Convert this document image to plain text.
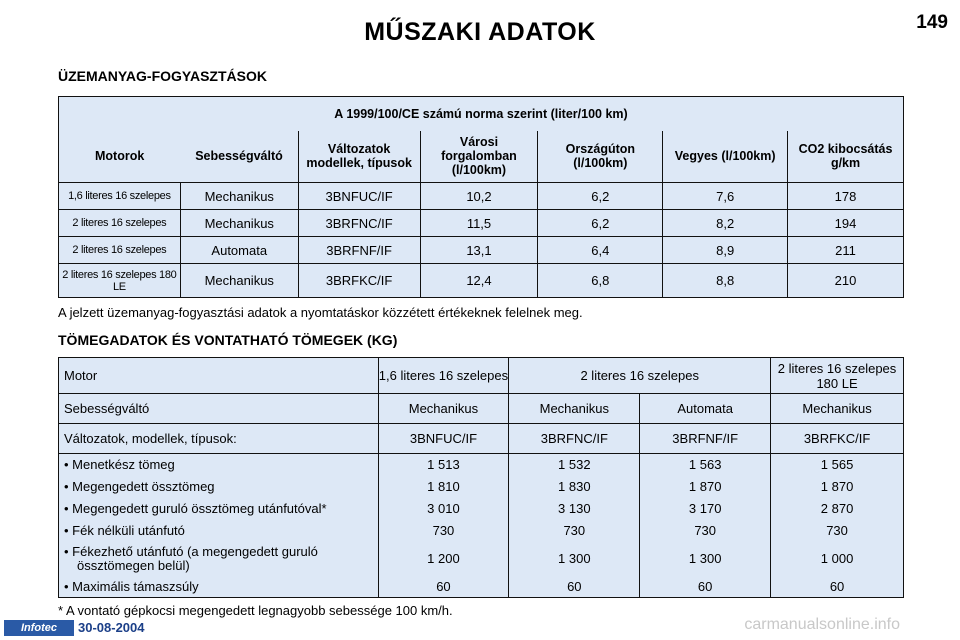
MŰSZAKI ADATOK	149
ÜZEMANYAG-FOGYASZTÁSOK
A 1999/100/CE számú norma szerint (liter/100 km)						
Motorok	Sebességváltó	Változatok modellek, típusok	Városi forgalomban (l/100km)	Országúton (l/100km)	Vegyes (l/100km)	CO2 kibocsátás g/km
1,6 literes 16 szelepes	Mechanikus	3BNFUC/IF	10,2	6,2	7,6	178
2 literes 16 szelepes	Mechanikus	3BRFNC/IF	11,5	6,2	8,2	194
2 literes 16 szelepes	Automata	3BRFNF/IF	13,1	6,4	8,9	211
2 literes 16 szelepes 180 LE	Mechanikus	3BRFKC/IF	12,4	6,8	8,8	210
A jelzett üzemanyag-fogyasztási adatok a nyomtatáskor közzétett értékeknek felelnek meg.
TÖMEGADATOK ÉS VONTATHATÓ TÖMEGEK (KG)
Motor	1,6 literes 16 szelepes	2 literes 16 szelepes		2 literes 16 szelepes 180 LE
Sebességváltó	Mechanikus	Mechanikus	Automata	Mechanikus
Változatok, modellek, típusok:	3BNFUC/IF	3BRFNC/IF	3BRFNF/IF	3BRFKC/IF
• Menetkész tömeg	1 513	1 532	1 563	1 565
• Megengedett össztömeg	1 810	1 830	1 870	1 870
• Megengedett guruló össztömeg utánfutóval*	3 010	3 130	3 170	2 870
• Fék nélküli utánfutó	730	730	730	730
• Fékezhető utánfutó (a megengedett guruló össztömegen belül)	1 200	1 300	1 300	1 000
• Maximális támaszsúly	60	60	60	60
* A vontató gépkocsi megengedett legnagyobb sebessége 100 km/h.
Infotec	30-08-2004	carmanualsonline.info
